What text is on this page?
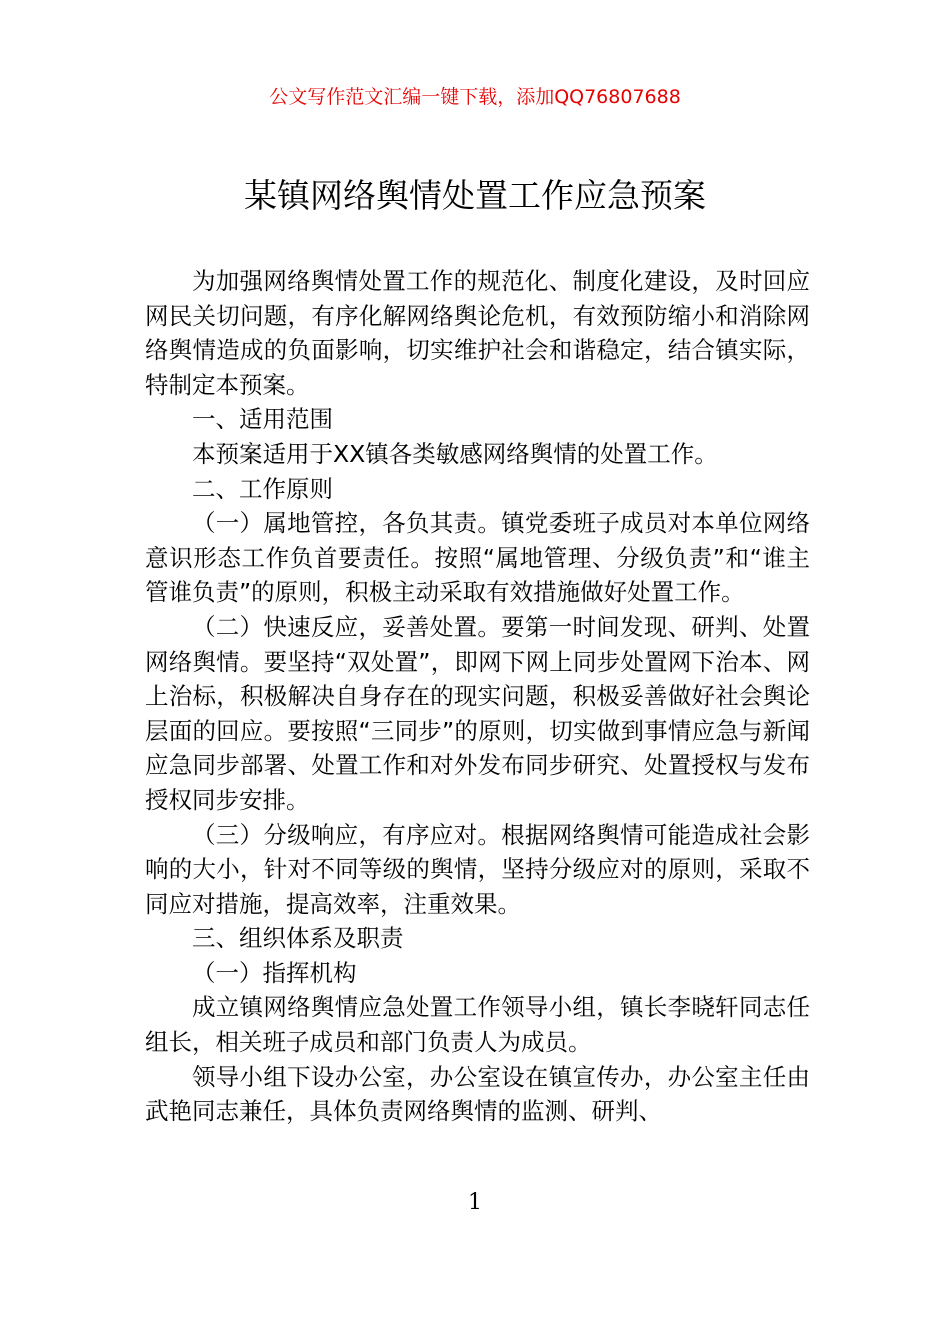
公文写作范文汇编一键下载，添加QQ76807688
某镇网络舆情处置工作应急预案

为加强网络舆情处置工作的规范化、制度化建设，及时回应网民关切问题，有序化解网络舆论危机，有效预防缩小和消除网络舆情造成的负面影响，切实维护社会和谐稳定，结合镇实际，特制定本预案。

一、适用范围

本预案适用于XX镇各类敏感网络舆情的处置工作。

二、工作原则

（一）属地管控，各负其责。镇党委班子成员对本单位网络意识形态工作负首要责任。按照“属地管理、分级负责”和“谁主管谁负责”的原则，积极主动采取有效措施做好处置工作。

（二）快速反应，妥善处置。要第一时间发现、研判、处置网络舆情。要坚持“双处置”，即网下网上同步处置网下治本、网上治标，积极解决自身存在的现实问题，积极妥善做好社会舆论层面的回应。要按照“三同步”的原则，切实做到事情应急与新闻应急同步部署、处置工作和对外发布同步研究、处置授权与发布授权同步安排。

（三）分级响应，有序应对。根据网络舆情可能造成社会影响的大小，针对不同等级的舆情，坚持分级应对的原则，采取不同应对措施，提高效率，注重效果。

三、组织体系及职责

（一）指挥机构

成立镇网络舆情应急处置工作领导小组，镇长李晓轩同志任组长，相关班子成员和部门负责人为成员。

领导小组下设办公室，办公室设在镇宣传办，办公室主任由武艳同志兼任，具体负责网络舆情的监测、研判、

1
